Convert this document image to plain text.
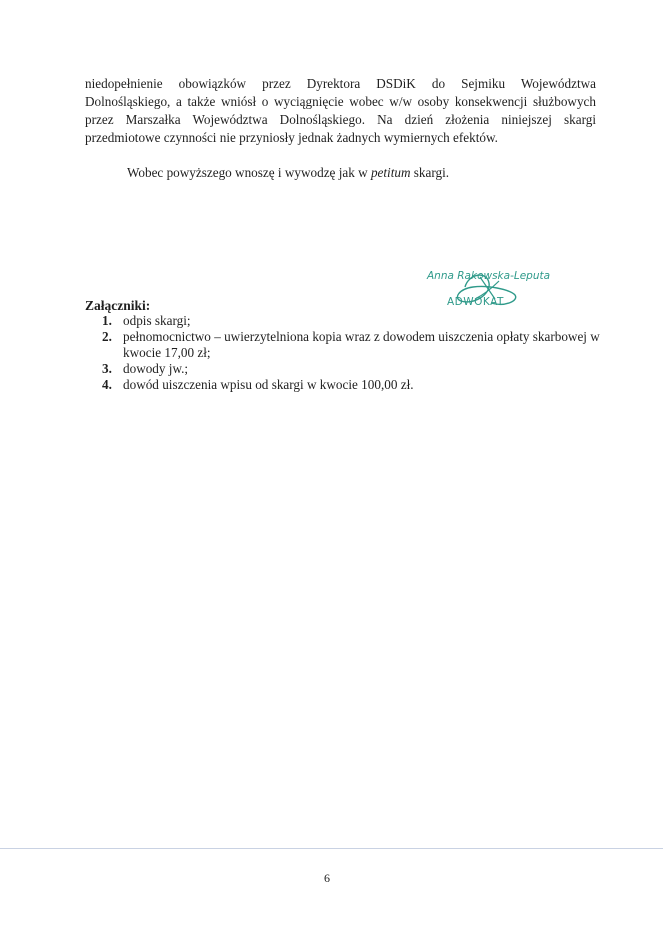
niedopełnienie obowiązków przez Dyrektora DSDiK do Sejmiku Województwa
Dolnośląskiego, a także wniósł o wyciągnięcie wobec w/w osoby konsekwencji służbowych
przez Marszałka Województwa Dolnośląskiego. Na dzień złożenia niniejszej skargi
przedmiotowe czynności nie przyniosły jednak żadnych wymiernych efektów.
Wobec powyższego wnoszę i wywodzę jak w petitum skargi.
Anna Rakowska-Leputa
ADWOKAT
Załączniki:
1. odpis skargi;
2. pełnomocnictwo – uwierzytelniona kopia wraz z dowodem uiszczenia opłaty skarbowej w kwocie 17,00 zł;
3. dowody jw.;
4. dowód uiszczenia wpisu od skargi w kwocie 100,00 zł.
6
